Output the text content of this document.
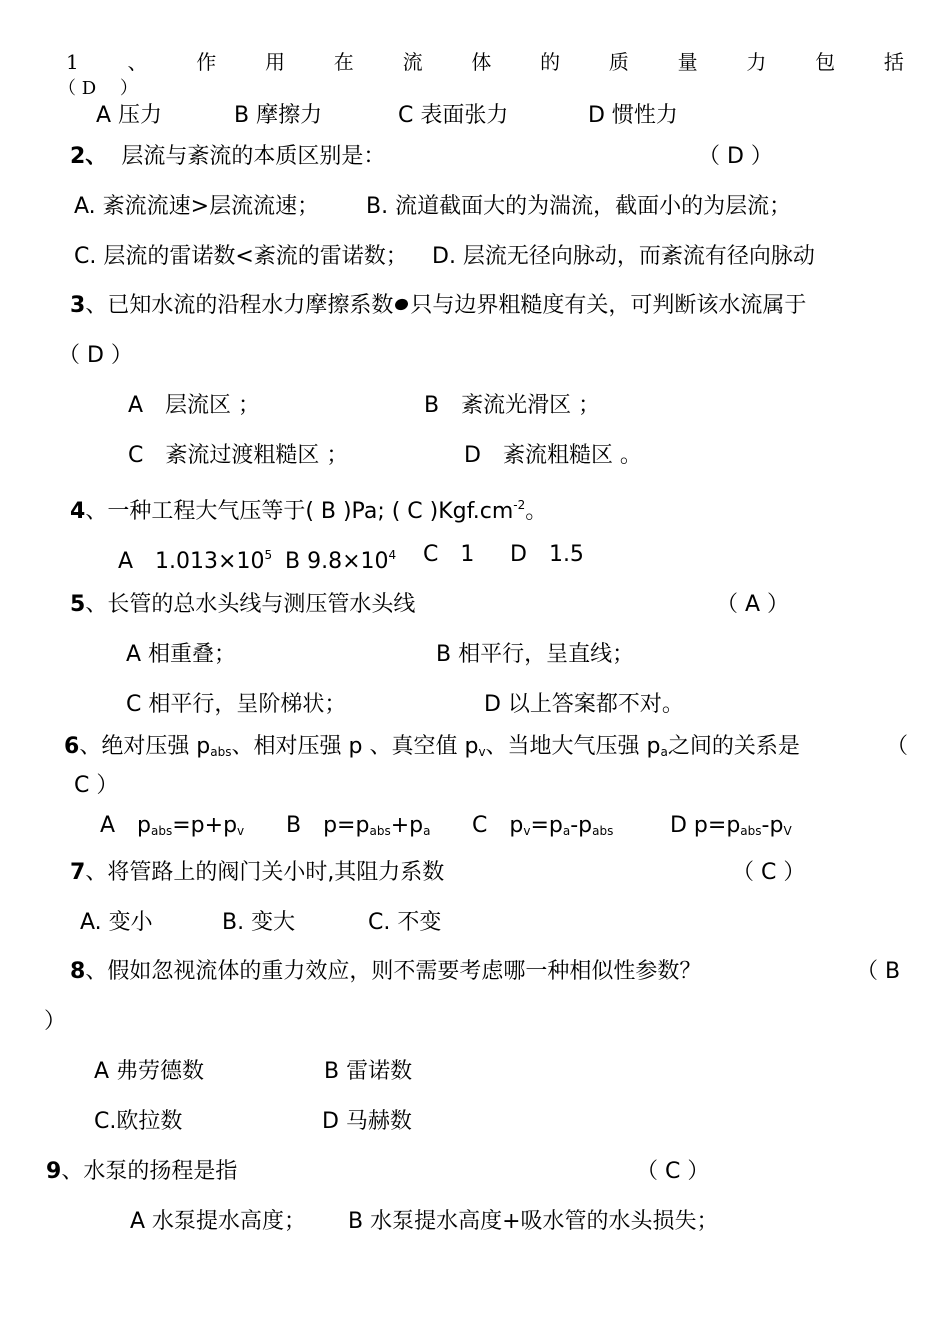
1 、 作 用 在 流 体 的 质 量 力 包 括
（ D　 ）
A 压力	B 摩擦力	C 表面张力	D 惯性力
2、 层流与紊流的本质区别是：	（ D ）
A. 紊流流速>层流流速； B. 流道截面大的为湍流，截面小的为层流；
C. 层流的雷诺数<紊流的雷诺数； D. 层流无径向脉动，而紊流有径向脉动
3、已知水流的沿程水力摩擦系数 只与边界粗糙度有关，可判断该水流属于
（ D ）
A　层流区 ；	B　紊流光滑区 ；
C　紊流过渡粗糙区 ；	D　紊流粗糙区 。
4、一种工程大气压等于( B )Pa; ( C )$Kgf.cm^{-2}$。
A　$1.013\times 10^5$ B $9.8\times 10^4$ C　1 D　1.5
5、长管的总水头线与测压管水头线	（ A ）
A 相重叠；	B 相平行，呈直线；
C 相平行，呈阶梯状；	D 以上答案都不对。
6、绝对压强 $p_{abs}$、相对压强 p 、真空值 $p_v$、当地大气压强 $p_a$之间的关系是	（
C ）
A　$p_{abs}=p+p_v$ B　$p=p_{abs}+p_a$ C　$p_v=p_a-p_{abs}$	D $p=p_{abs}-p_V$
7、将管路上的阀门关小时,其阻力系数	（ C ）
A. 变小	B. 变大	C. 不变
8、假如忽视流体的重力效应，则不需要考虑哪一种相似性参数？	（ B
）
A 弗劳德数	B 雷诺数
C.欧拉数	D 马赫数
9、水泵的扬程是指	（ C ）
A 水泵提水高度； B 水泵提水高度+吸水管的水头损失；
